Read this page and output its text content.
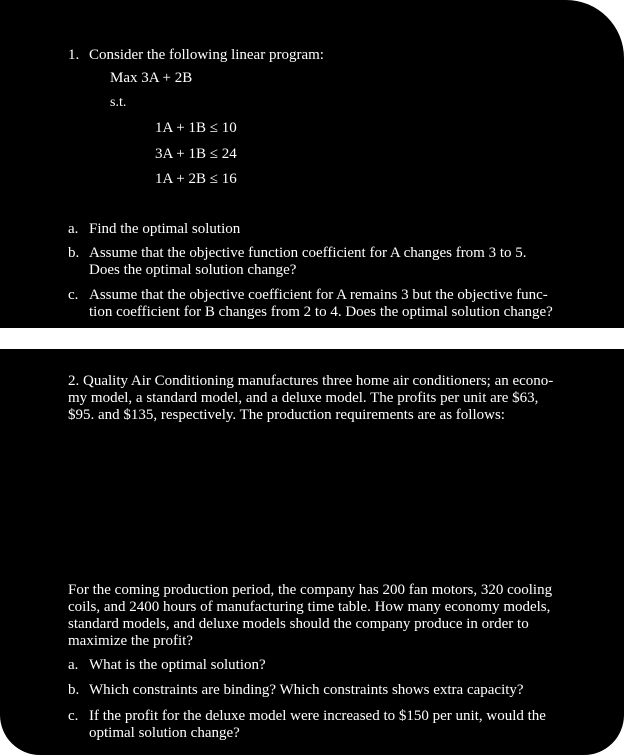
1. Consider the following linear program:
Max 3A + 2B
s.t.
1A + 1B ≤ 10
3A + 1B ≤ 24
1A + 2B ≤ 16
a. Find the optimal solution
b. Assume that the objective function coefficient for A changes from 3 to 5.
Does the optimal solution change?
c. Assume that the objective coefficient for A remains 3 but the objective func-
tion coefficient for B changes from 2 to 4. Does the optimal solution change?
2. Quality Air Conditioning manufactures three home air conditioners; an econo-
my model, a standard model, and a deluxe model. The profits per unit are $63,
$95. and $135, respectively. The production requirements are as follows:
For the coming production period, the company has 200 fan motors, 320 cooling
coils, and 2400 hours of manufacturing time table. How many economy models,
standard models, and deluxe models should the company produce in order to
maximize the profit?
a. What is the optimal solution?
b. Which constraints are binding? Which constraints shows extra capacity?
c. If the profit for the deluxe model were increased to $150 per unit, would the
optimal solution change?
